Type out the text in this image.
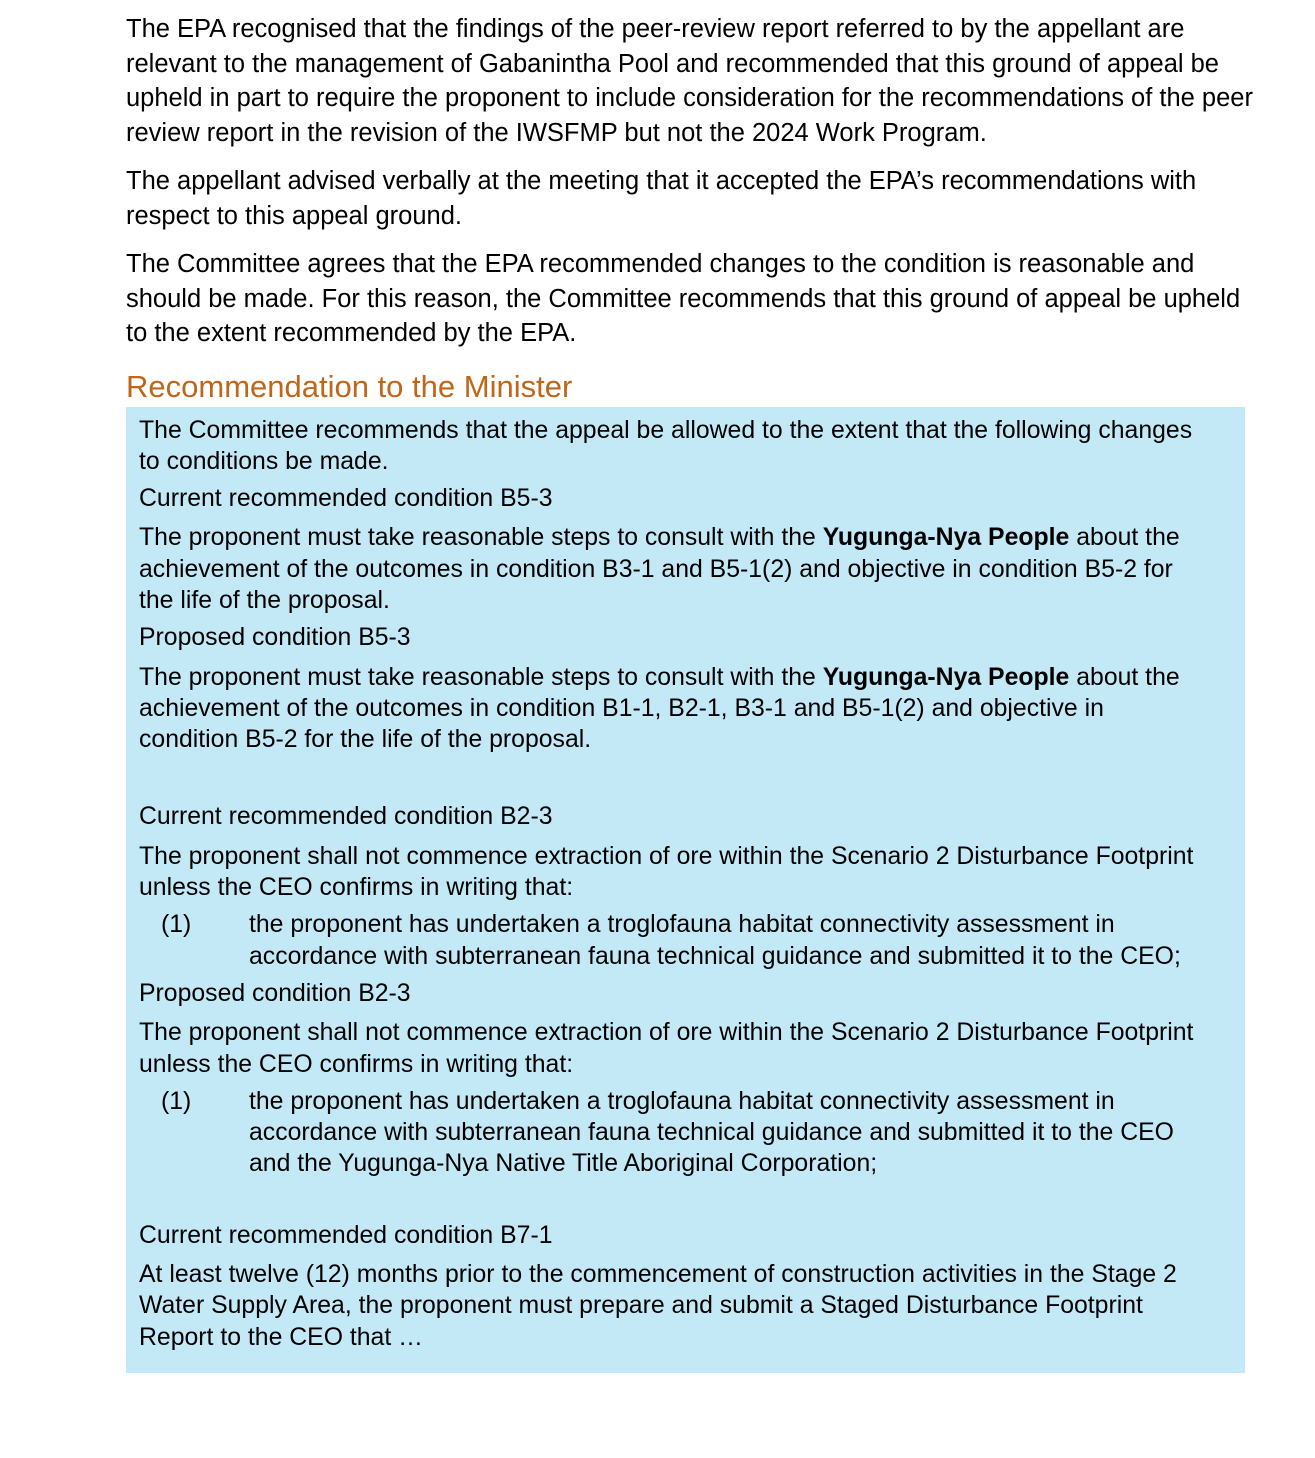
The EPA recognised that the findings of the peer-review report referred to by the appellant are relevant to the management of Gabanintha Pool and recommended that this ground of appeal be upheld in part to require the proponent to include consideration for the recommendations of the peer review report in the revision of the IWSFMP but not the 2024 Work Program.

The appellant advised verbally at the meeting that it accepted the EPA’s recommendations with respect to this appeal ground.

The Committee agrees that the EPA recommended changes to the condition is reasonable and should be made. For this reason, the Committee recommends that this ground of appeal be upheld to the extent recommended by the EPA.

Recommendation to the Minister

The Committee recommends that the appeal be allowed to the extent that the following changes to conditions be made.

Current recommended condition B5-3

The proponent must take reasonable steps to consult with the Yugunga-Nya People about the achievement of the outcomes in condition B3-1 and B5-1(2) and objective in condition B5-2 for the life of the proposal.

Proposed condition B5-3

The proponent must take reasonable steps to consult with the Yugunga-Nya People about the achievement of the outcomes in condition B1-1, B2-1, B3-1 and B5-1(2) and objective in condition B5-2 for the life of the proposal.

Current recommended condition B2-3

The proponent shall not commence extraction of ore within the Scenario 2 Disturbance Footprint unless the CEO confirms in writing that:

(1)	the proponent has undertaken a troglofauna habitat connectivity assessment in accordance with subterranean fauna technical guidance and submitted it to the CEO;

Proposed condition B2-3

The proponent shall not commence extraction of ore within the Scenario 2 Disturbance Footprint unless the CEO confirms in writing that:

(1)	the proponent has undertaken a troglofauna habitat connectivity assessment in accordance with subterranean fauna technical guidance and submitted it to the CEO and the Yugunga-Nya Native Title Aboriginal Corporation;

Current recommended condition B7-1

At least twelve (12) months prior to the commencement of construction activities in the Stage 2 Water Supply Area, the proponent must prepare and submit a Staged Disturbance Footprint Report to the CEO that …
